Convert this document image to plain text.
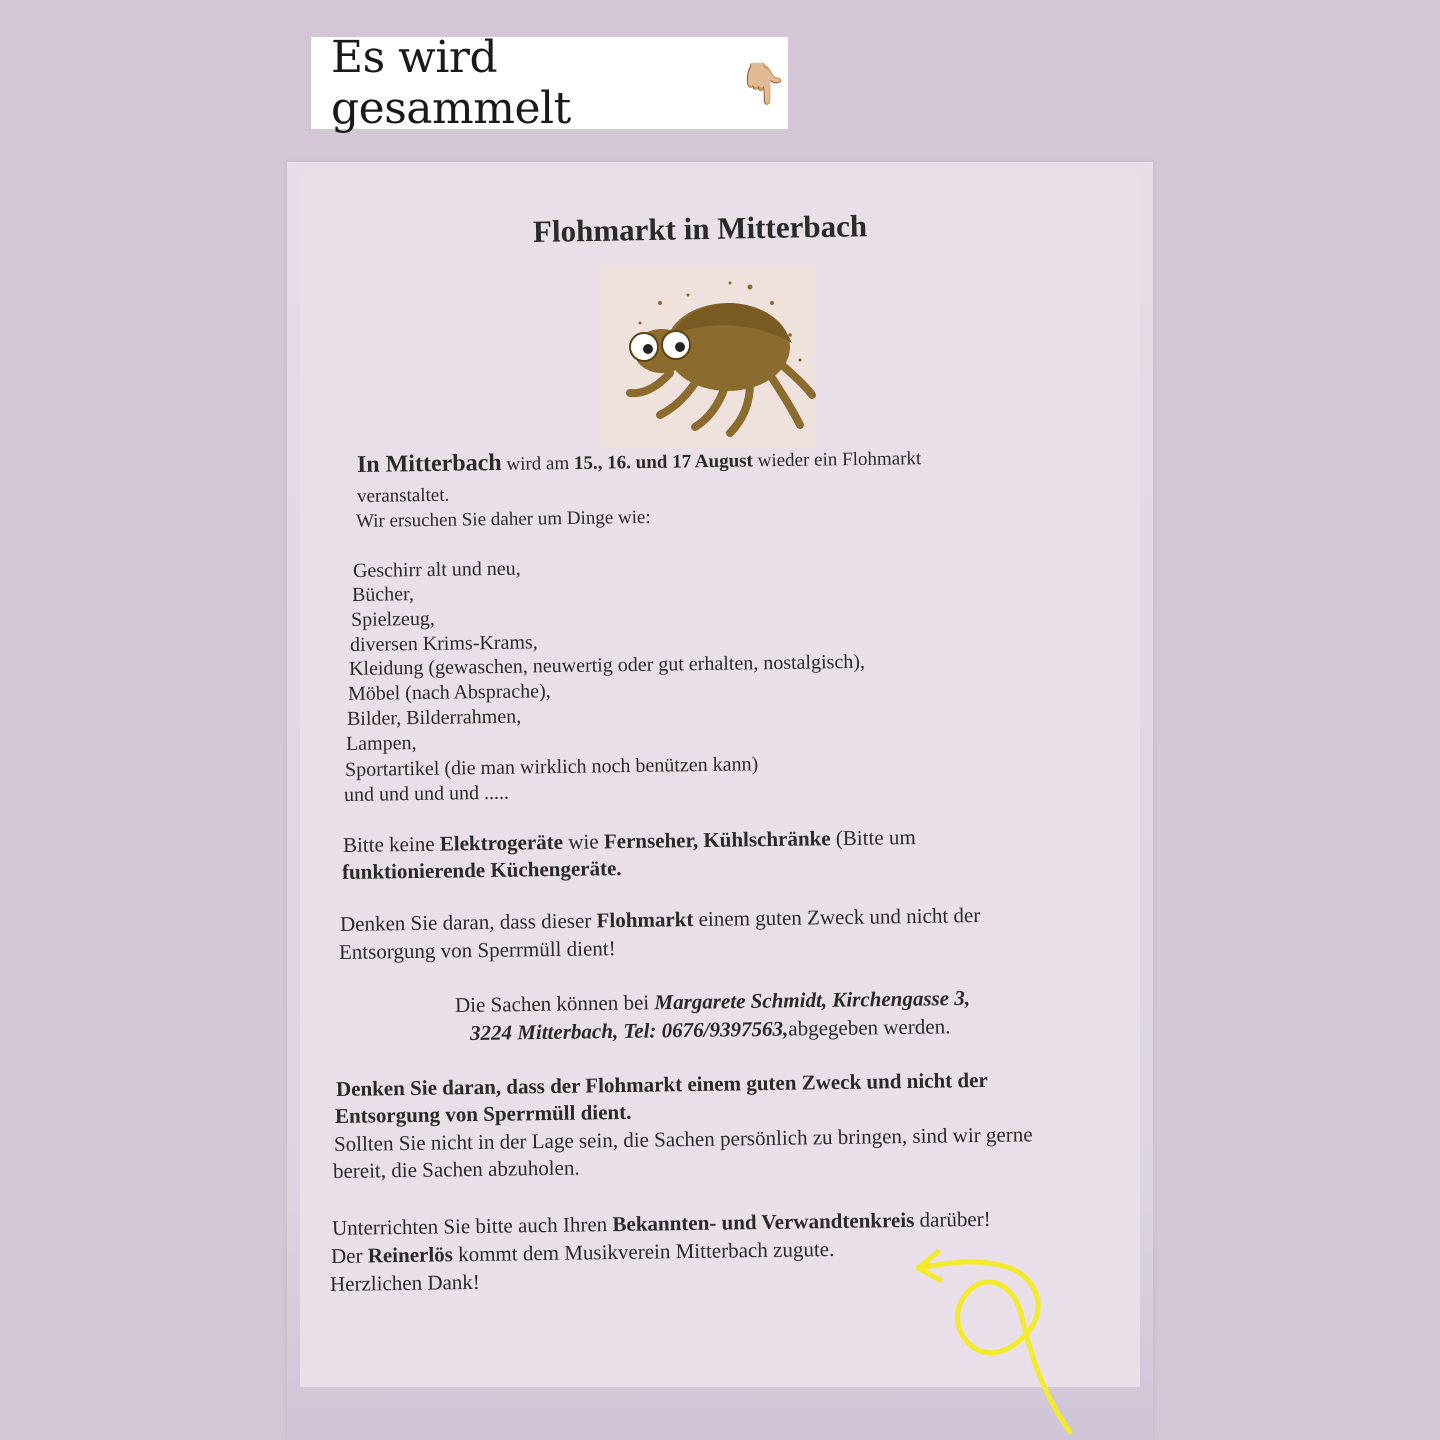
Es wird gesammelt	👇🏼
Flohmarkt in Mitterbach
In Mitterbach wird am 15., 16. und 17 August wieder ein Flohmarkt
veranstaltet.
Wir ersuchen Sie daher um Dinge wie:
Geschirr alt und neu,
Bücher,
Spielzeug,
diversen Krims-Krams,
Kleidung (gewaschen, neuwertig oder gut erhalten, nostalgisch),
Möbel (nach Absprache),
Bilder, Bilderrahmen,
Lampen,
Sportartikel (die man wirklich noch benützen kann)
und und und und .....
Bitte keine Elektrogeräte wie Fernseher, Kühlschränke (Bitte um
funktionierende Küchengeräte.
Denken Sie daran, dass dieser Flohmarkt einem guten Zweck und nicht der
Entsorgung von Sperrmüll dient!
Die Sachen können bei Margarete Schmidt, Kirchengasse 3,
3224 Mitterbach, Tel: 0676/9397563,abgegeben werden.
Denken Sie daran, dass der Flohmarkt einem guten Zweck und nicht der
Entsorgung von Sperrmüll dient.
Sollten Sie nicht in der Lage sein, die Sachen persönlich zu bringen, sind wir gerne
bereit, die Sachen abzuholen.
Unterrichten Sie bitte auch Ihren Bekannten- und Verwandtenkreis darüber!
Der Reinerlös kommt dem Musikverein Mitterbach zugute.
Herzlichen Dank!
